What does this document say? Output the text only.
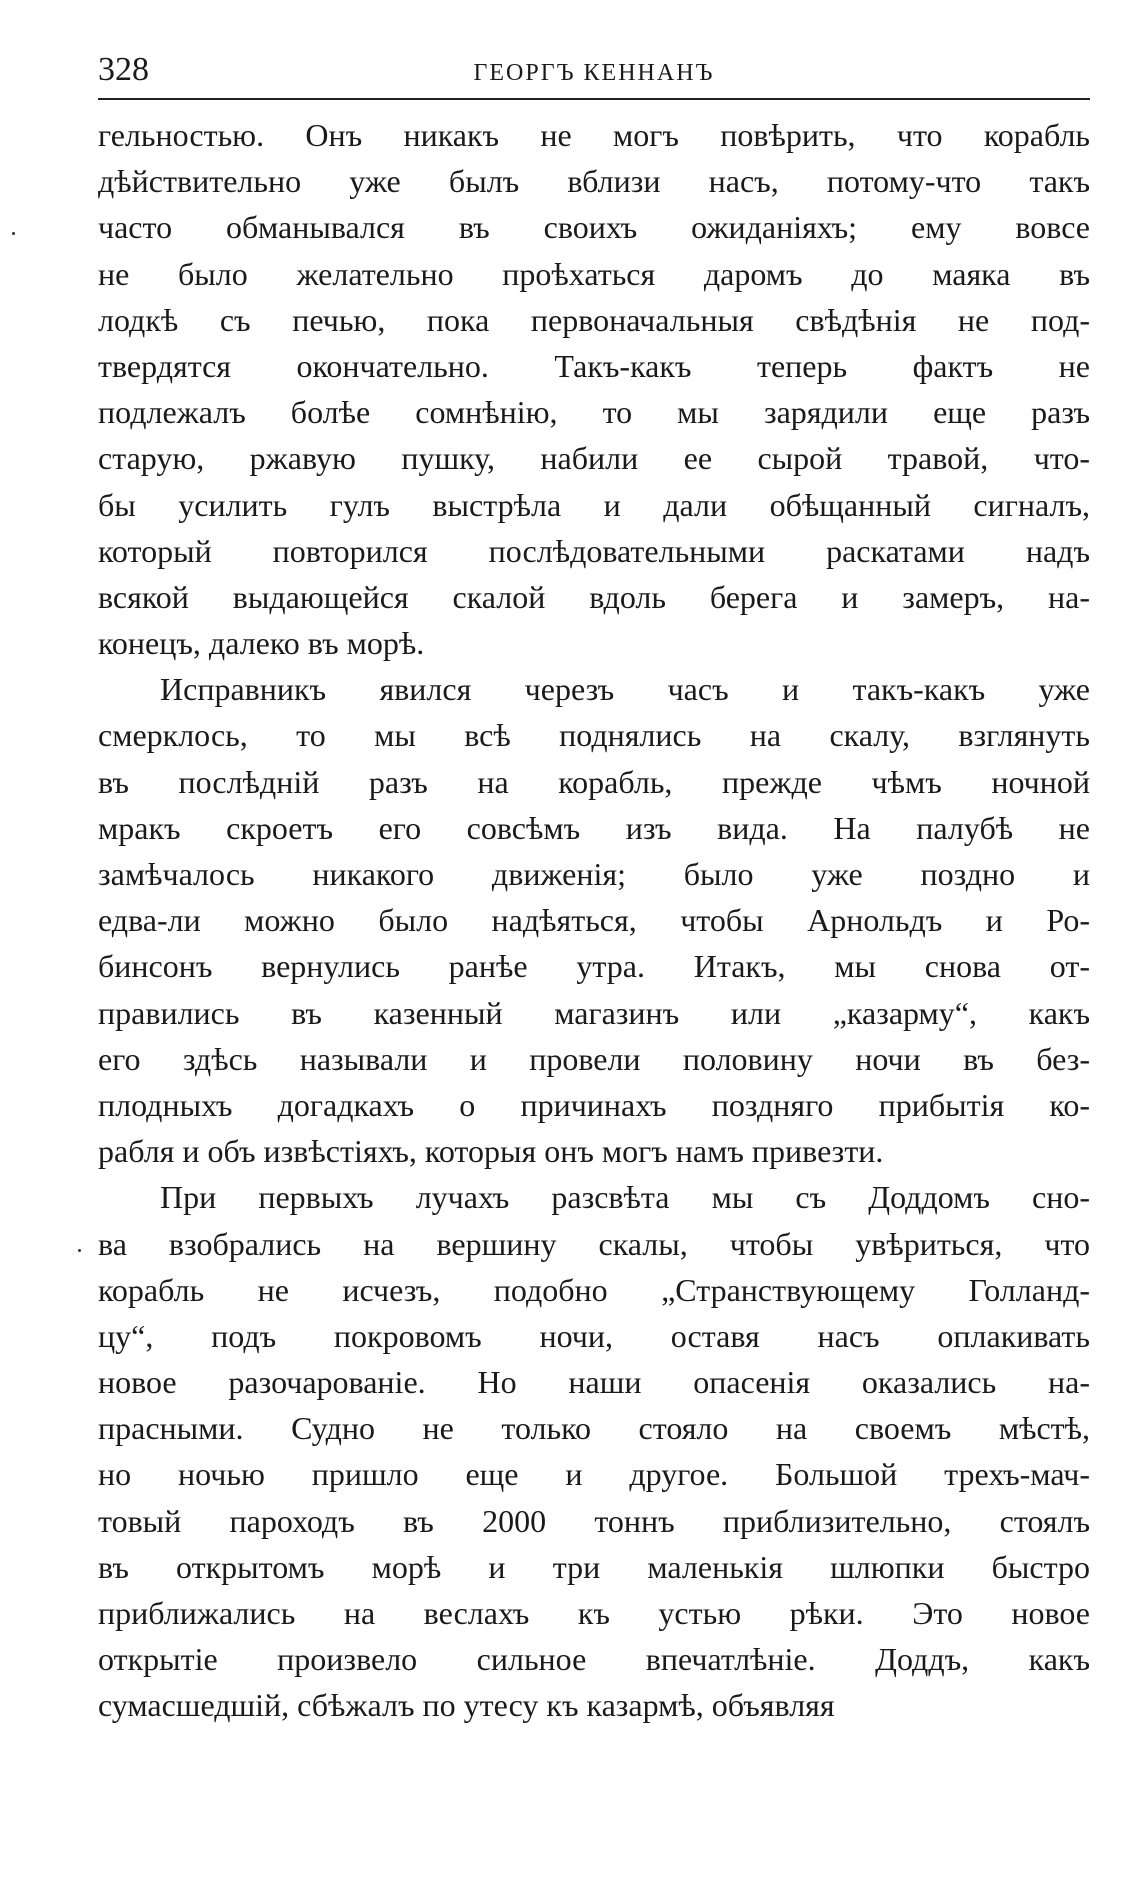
328	ГЕОРГЪ КЕННАНЪ
гельностью. Онъ никакъ не могъ повѣрить, что корабль
дѣйствительно уже былъ вблизи насъ, потому-что такъ
часто обманывался въ своихъ ожиданіяхъ; ему вовсе
не было желательно проѣхаться даромъ до маяка въ
лодкѣ съ печью, пока первоначальныя свѣдѣнія не под-
твердятся окончательно. Такъ-какъ теперь фактъ не
подлежалъ болѣе сомнѣнію, то мы зарядили еще разъ
старую, ржавую пушку, набили ее сырой травой, что-
бы усилить гулъ выстрѣла и дали обѣщанный сигналъ,
который повторился послѣдовательными раскатами надъ
всякой выдающейся скалой вдоль берега и замеръ, на-
конецъ, далеко въ морѣ.
Исправникъ явился черезъ часъ и такъ-какъ уже
смерклось, то мы всѣ поднялись на скалу, взглянуть
въ послѣдній разъ на корабль, прежде чѣмъ ночной
мракъ скроетъ его совсѣмъ изъ вида. На палубѣ не
замѣчалось никакого движенія; было уже поздно и
едва-ли можно было надѣяться, чтобы Арнольдъ и Ро-
бинсонъ вернулись ранѣе утра. Итакъ, мы снова от-
правились въ казенный магазинъ или „казарму“, какъ
его здѣсь называли и провели половину ночи въ без-
плодныхъ догадкахъ о причинахъ поздняго прибытія ко-
рабля и объ извѣстіяхъ, которыя онъ могъ намъ привезти.
При первыхъ лучахъ разсвѣта мы съ Доддомъ сно-
ва взобрались на вершину скалы, чтобы увѣриться, что
корабль не исчезъ, подобно „Странствующему Голланд-
цу“, подъ покровомъ ночи, оставя насъ оплакивать
новое разочарованіе. Но наши опасенія оказались на-
прасными. Судно не только стояло на своемъ мѣстѣ,
но ночью пришло еще и другое. Большой трехъ-мач-
товый пароходъ въ 2000 тоннъ приблизительно, стоялъ
въ открытомъ морѣ и три маленькія шлюпки быстро
приближались на веслахъ къ устью рѣки. Это новое
открытіе произвело сильное впечатлѣніе. Доддъ, какъ
сумасшедшій, сбѣжалъ по утесу къ казармѣ, объявляя
